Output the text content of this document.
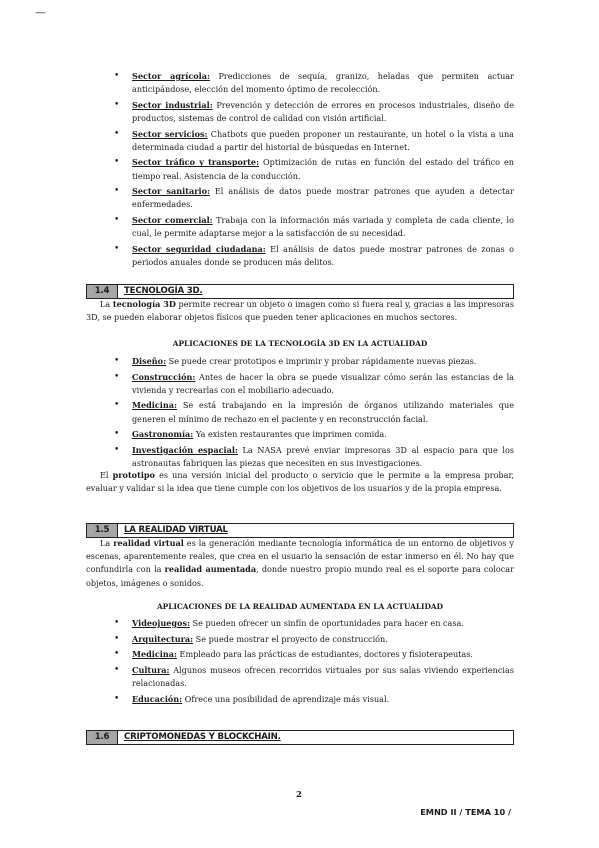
—
• Sector agrícola: Predicciones de sequía, granizo, heladas que permiten actuar anticipándose, elección del momento óptimo de recolección.
• Sector industrial: Prevención y detección de errores en procesos industriales, diseño de productos, sistemas de control de calidad con visión artificial.
• Sector servicios: Chatbots que pueden proponer un restaurante, un hotel o la vista a una determinada ciudad a partir del historial de búsquedas en Internet.
• Sector tráfico y transporte: Optimización de rutas en función del estado del tráfico en tiempo real. Asistencia de la conducción.
• Sector sanitario: El análisis de datos puede mostrar patrones que ayuden a detectar enfermedades.
• Sector comercial: Trabaja con la información más variada y completa de cada cliente, lo cual, le permite adaptarse mejor a la satisfacción de su necesidad.
• Sector seguridad ciudadana: El análisis de datos puede mostrar patrones de zonas o periodos anuales donde se producen más delitos.
1.4	TECNOLOGÍA 3D.

La tecnología 3D permite recrear un objeto o imagen como si fuera real y, gracias a las impresoras 3D, se pueden elaborar objetos físicos que pueden tener aplicaciones en muchos sectores.

APLICACIONES DE LA TECNOLOGÍA 3D EN LA ACTUALIDAD

• Diseño: Se puede crear prototipos e imprimir y probar rápidamente nuevas piezas.
• Construcción: Antes de hacer la obra se puede visualizar cómo serán las estancias de la vivienda y recrearlas con el mobiliario adecuado.
• Medicina: Se está trabajando en la impresión de órganos utilizando materiales que generen el mínimo de rechazo en el paciente y en reconstrucción facial.
• Gastronomía: Ya existen restaurantes que imprimen comida.
• Investigación espacial: La NASA prevé enviar impresoras 3D al espacio para que los astronautas fabriquen las piezas que necesiten en sus investigaciones.

El prototipo es una versión inicial del producto o servicio que le permite a la empresa probar, evaluar y validar si la idea que tiene cumple con los objetivos de los usuarios y de la propia empresa.

1.5	LA REALIDAD VIRTUAL

La realidad virtual es la generación mediante tecnología informática de un entorno de objetivos y escenas, aparentemente reales, que crea en el usuario la sensación de estar inmerso en él. No hay que confundirla con la realidad aumentada, donde nuestro propio mundo real es el soporte para colocar objetos, imágenes o sonidos.

APLICACIONES DE LA REALIDAD AUMENTADA EN LA ACTUALIDAD

• Videojuegos: Se pueden ofrecer un sinfín de oportunidades para hacer en casa.
• Arquitectura: Se puede mostrar el proyecto de construcción.
• Medicina: Empleado para las prácticas de estudiantes, doctores y fisioterapeutas.
• Cultura: Algunos museos ofrecen recorridos virtuales por sus salas viviendo experiencias relacionadas.
• Educación: Ofrece una posibilidad de aprendizaje más visual.
1.6	CRIPTOMONEDAS Y BLOCKCHAIN.
2
EMND II / TEMA 10 /
